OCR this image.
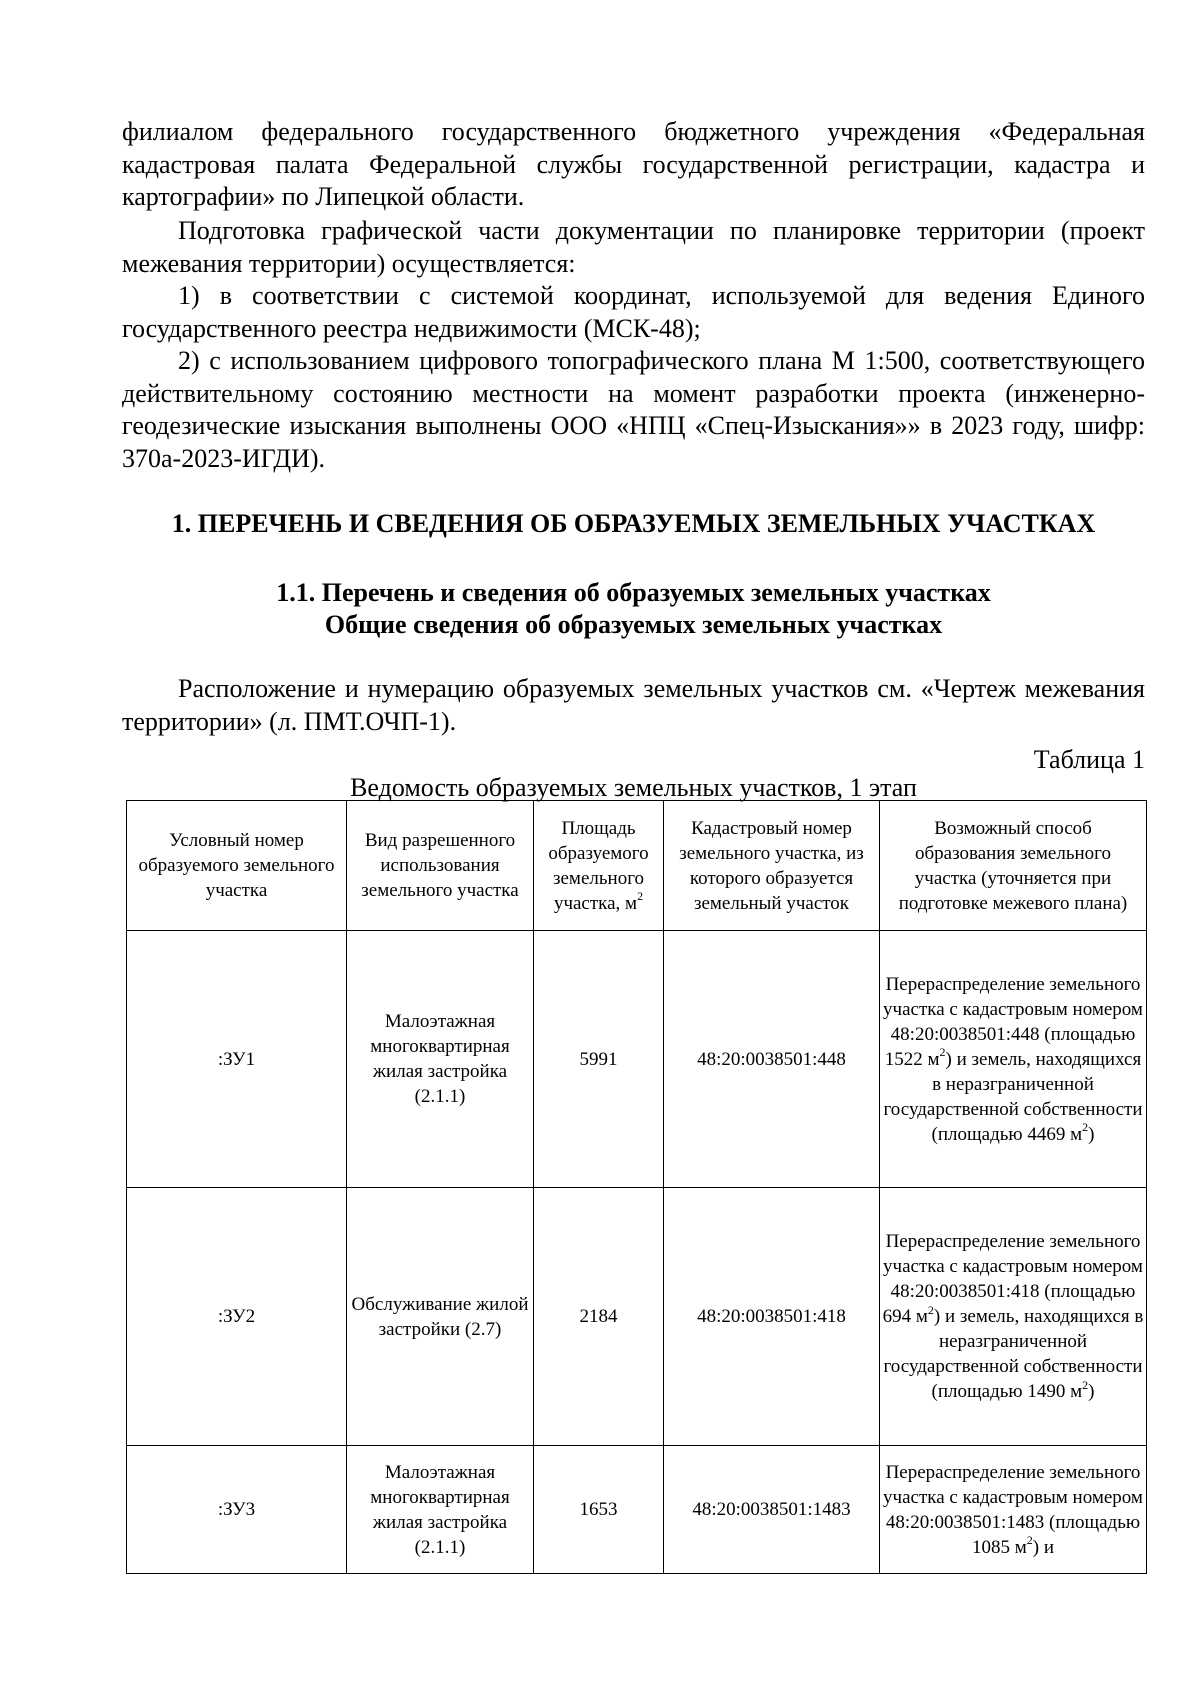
филиалом федерального государственного бюджетного учреждения «Федеральная кадастровая палата Федеральной службы государственной регистрации, кадастра и картографии» по Липецкой области.

Подготовка графической части документации по планировке территории (проект межевания территории) осуществляется:

1) в соответствии с системой координат, используемой для ведения Единого государственного реестра недвижимости (МСК-48);

2) с использованием цифрового топографического плана М 1:500, соответствующего действительному состоянию местности на момент разработки проекта (инженерно-геодезические изыскания выполнены ООО «НПЦ «Спец-Изыскания»» в 2023 году, шифр: 370а-2023-ИГДИ).

1. ПЕРЕЧЕНЬ И СВЕДЕНИЯ ОБ ОБРАЗУЕМЫХ ЗЕМЕЛЬНЫХ УЧАСТКАХ
1.1. Перечень и сведения об образуемых земельных участках
Общие сведения об образуемых земельных участках

Расположение и нумерацию образуемых земельных участков см. «Чертеж межевания территории» (л. ПМТ.ОЧП-1).

Таблица 1
Ведомость образуемых земельных участков, 1 этап
Условный номер образуемого земельного участка	Вид разрешенного использования земельного участка	Площадь образуемого земельного участка, $м^2$	Кадастровый номер земельного участка, из которого образуется земельный участок	Возможный способ образования земельного участка (уточняется при подготовке межевого плана)
:ЗУ1	Малоэтажная многоквартирная жилая застройка (2.1.1)	5991	48:20:0038501:448	Перераспределение земельного участка с кадастровым номером 48:20:0038501:448 (площадью 1522 $м^2$) и земель, находящихся в неразграниченной государственной собственности (площадью 4469 $м^2$)
:ЗУ2	Обслуживание жилой застройки (2.7)	2184	48:20:0038501:418	Перераспределение земельного участка с кадастровым номером 48:20:0038501:418 (площадью 694 $м^2$) и земель, находящихся в неразграниченной государственной собственности (площадью 1490 $м^2$)
:ЗУ3	Малоэтажная многоквартирная жилая застройка (2.1.1)	1653	48:20:0038501:1483	Перераспределение земельного участка с кадастровым номером 48:20:0038501:1483 (площадью 1085 $м^2$) и
